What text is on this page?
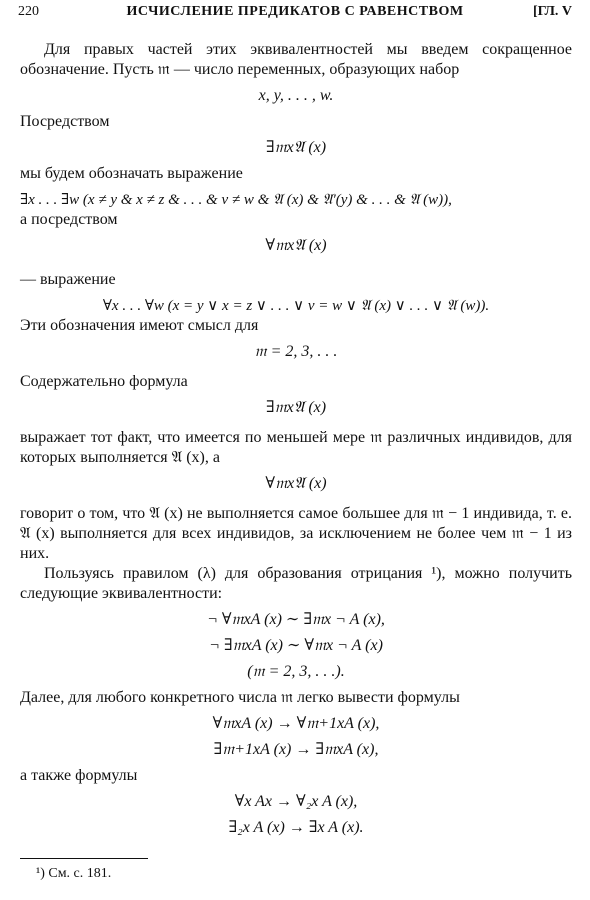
220	ИСЧИСЛЕНИЕ ПРЕДИКАТОВ С РАВЕНСТВОМ	[ГЛ. V

Для правых частей этих эквивалентностей мы введем сокращенное обозначение. Пусть 𝔪 — число переменных, образующих набор

x, y, . . . , w.

Посредством

∃𝔪x𝔄 (x)

мы будем обозначать выражение

∃x . . . ∃w (x ≠ y & x ≠ z & . . . & v ≠ w & 𝔄 (x) & 𝔄′(y) & . . . & 𝔄 (w)),

а посредством

∀𝔪x𝔄 (x)

— выражение

∀x . . . ∀w (x = y ∨ x = z ∨ . . . ∨ v = w ∨ 𝔄 (x) ∨ . . . ∨ 𝔄 (w)).

Эти обозначения имеют смысл для

𝔪 = 2, 3, . . .

Содержательно формула

∃𝔪x𝔄 (x)

выражает тот факт, что имеется по меньшей мере 𝔪 различных индивидов, для которых выполняется 𝔄 (x), а

∀𝔪x𝔄 (x)

говорит о том, что 𝔄 (x) не выполняется самое большее для 𝔪 − 1 индивида, т. е. 𝔄 (x) выполняется для всех индивидов, за исключением не более чем 𝔪 − 1 из них.

Пользуясь правилом (λ) для образования отрицания ¹), можно получить следующие эквивалентности:

¬ ∀𝔪xA (x) ∼ ∃𝔪x ¬ A (x),

¬ ∃𝔪xA (x) ∼ ∀𝔪x ¬ A (x)

(𝔪 = 2, 3, . . .).

Далее, для любого конкретного числа 𝔪 легко вывести формулы

∀𝔪xA (x) → ∀𝔪+1xA (x),

∃𝔪+1xA (x) → ∃𝔪xA (x),

а также формулы

∀x Ax → ∀₂x A (x),

∃₂x A (x) → ∃x A (x).

¹) См. с. 181.
